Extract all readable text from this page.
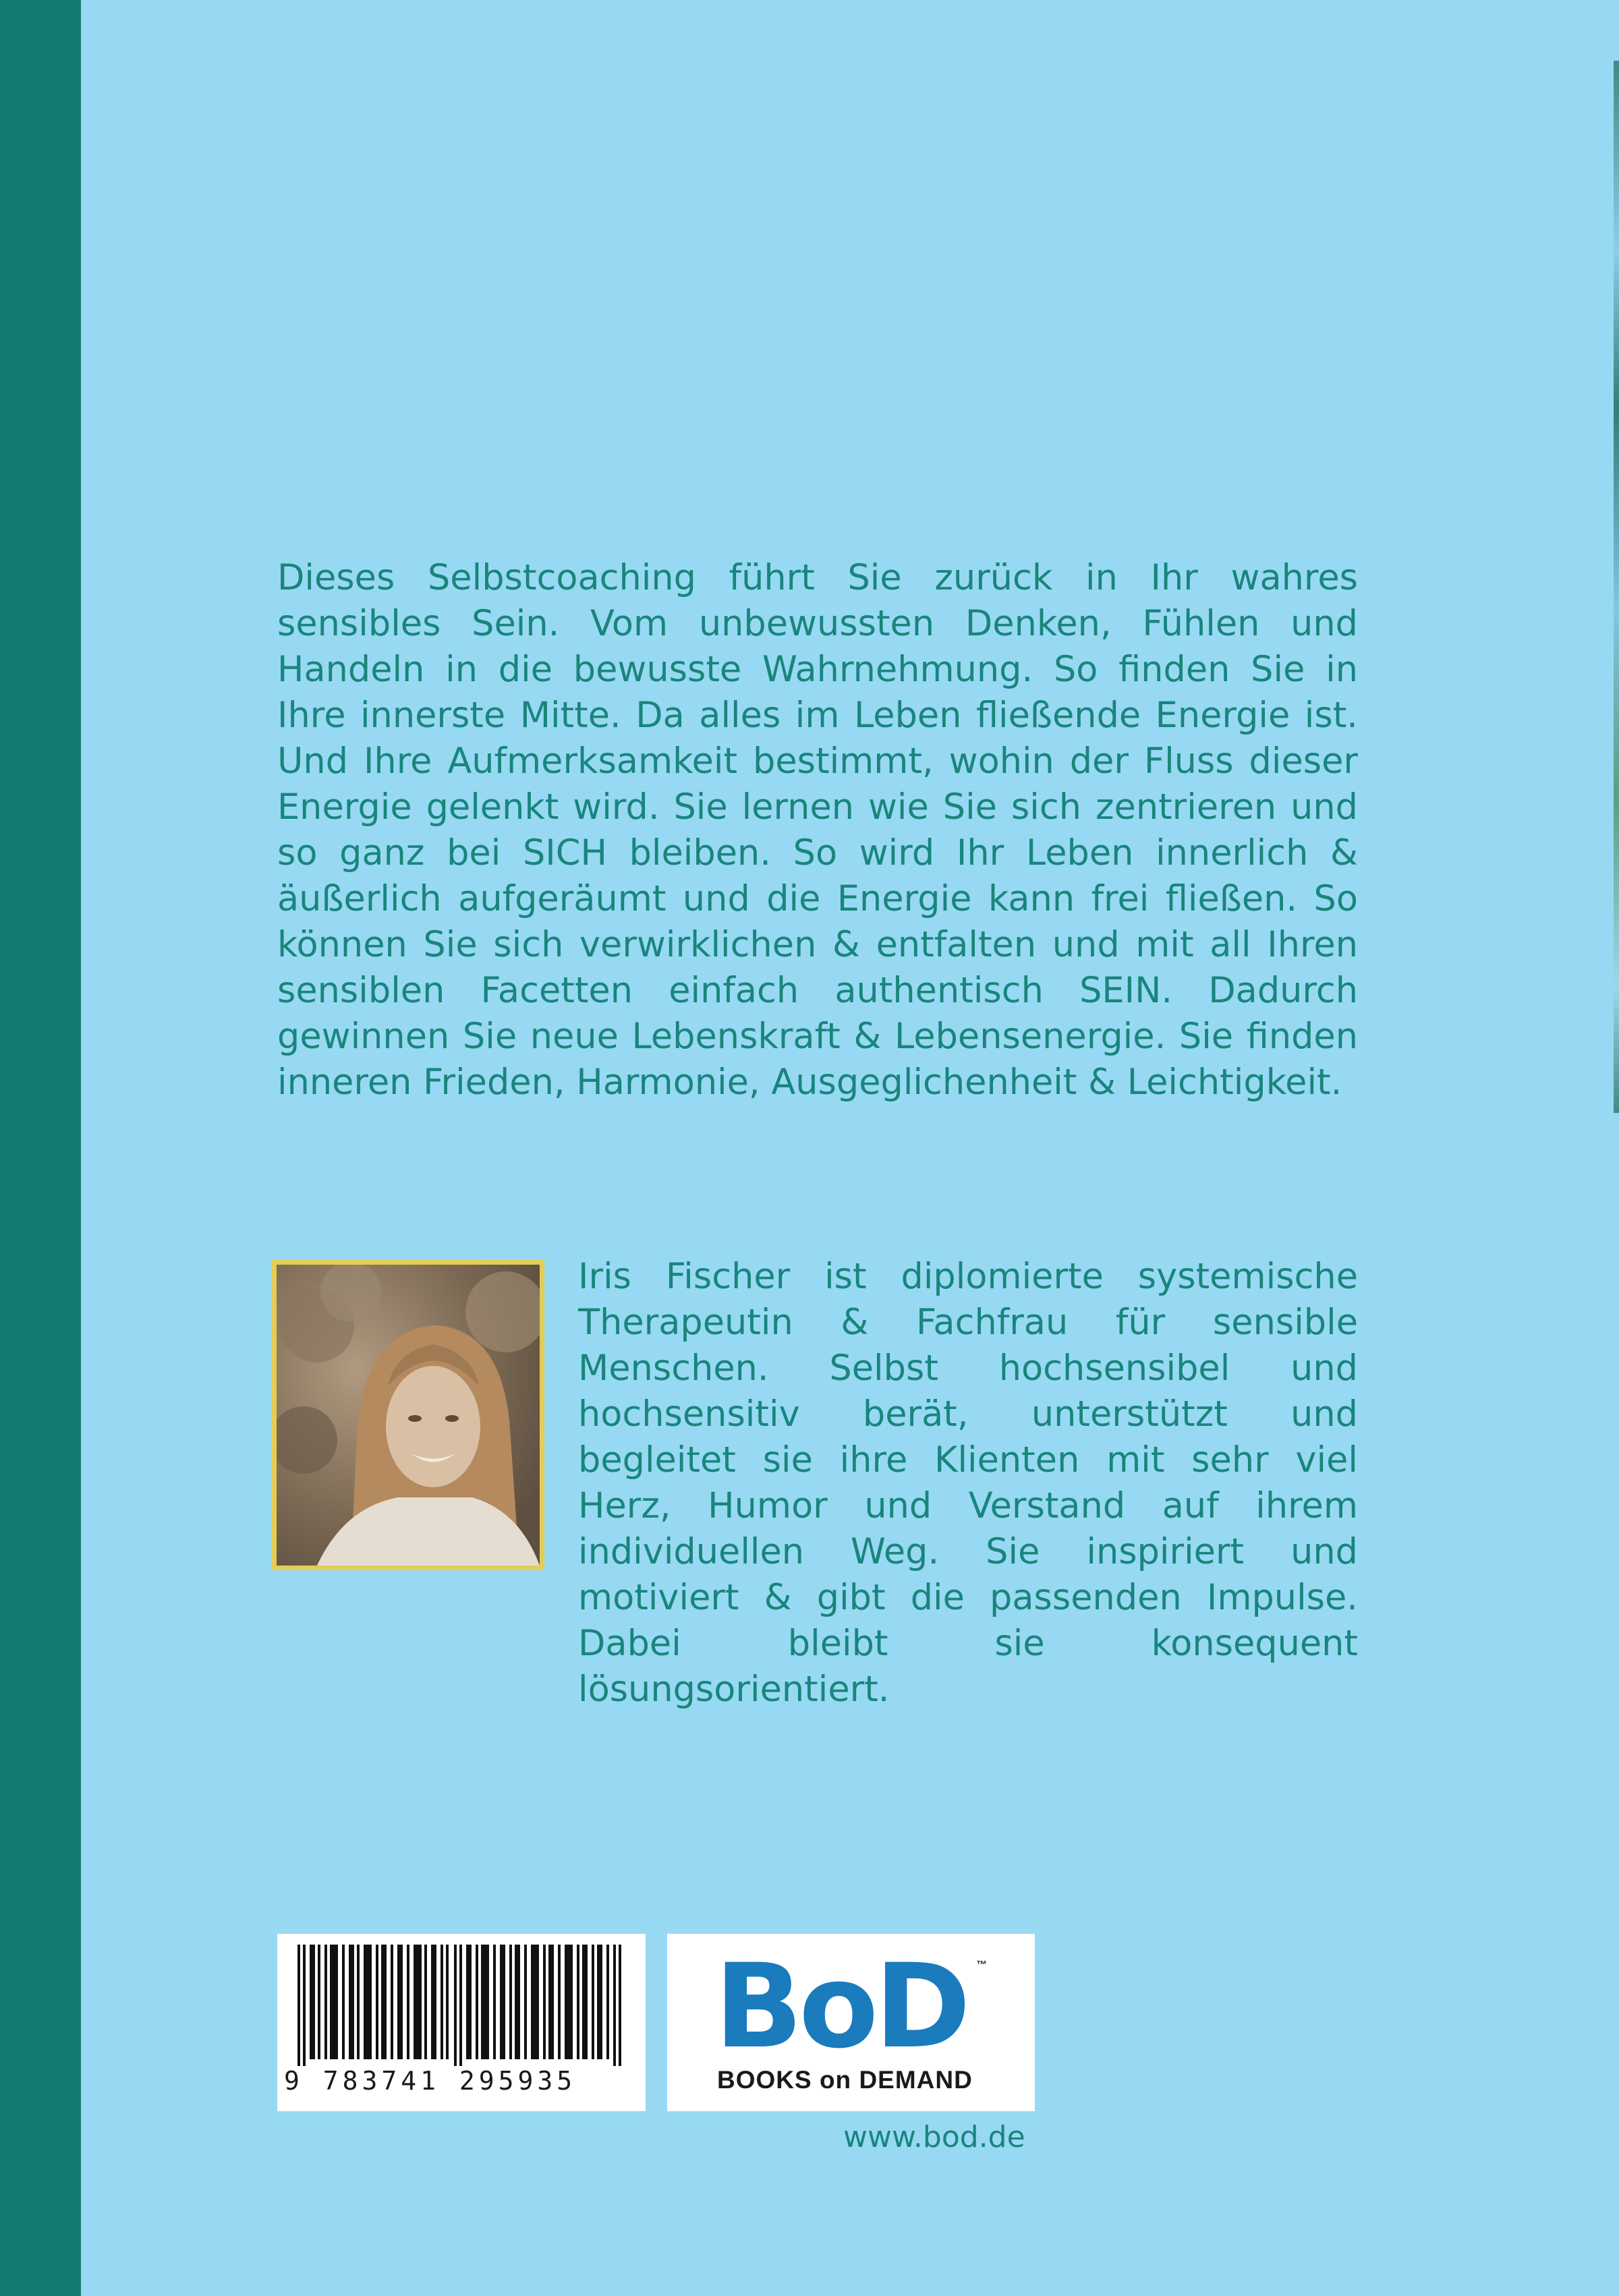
Dieses Selbstcoaching führt Sie zurück in Ihr wahres sensibles Sein. Vom unbewussten Denken, Fühlen und Handeln in die bewusste Wahrnehmung. So finden Sie in Ihre innerste Mitte. Da alles im Leben fließende Energie ist. Und Ihre Aufmerksamkeit bestimmt, wohin der Fluss dieser Energie gelenkt wird. Sie lernen wie Sie sich zentrieren und so ganz bei SICH bleiben. So wird Ihr Leben innerlich & äußerlich aufgeräumt und die Energie kann frei fließen. So können Sie sich verwirklichen & entfalten und mit all Ihren sensiblen Facetten einfach authentisch SEIN. Dadurch gewinnen Sie neue Lebenskraft & Lebensenergie. Sie finden inneren Frieden, Harmonie, Ausgeglichenheit & Leichtigkeit.

Iris Fischer ist diplomierte systemische Therapeutin & Fachfrau für sensible Menschen. Selbst hochsensibel und hochsensitiv berät, unterstützt und begleitet sie ihre Klienten mit sehr viel Herz, Humor und Verstand auf ihrem individuellen Weg. Sie inspiriert und motiviert & gibt die passenden Impulse. Dabei bleibt sie konsequent lösungsorientiert.

9 783741 295935
BoD ™
BOOKS on DEMAND

www.bod.de
